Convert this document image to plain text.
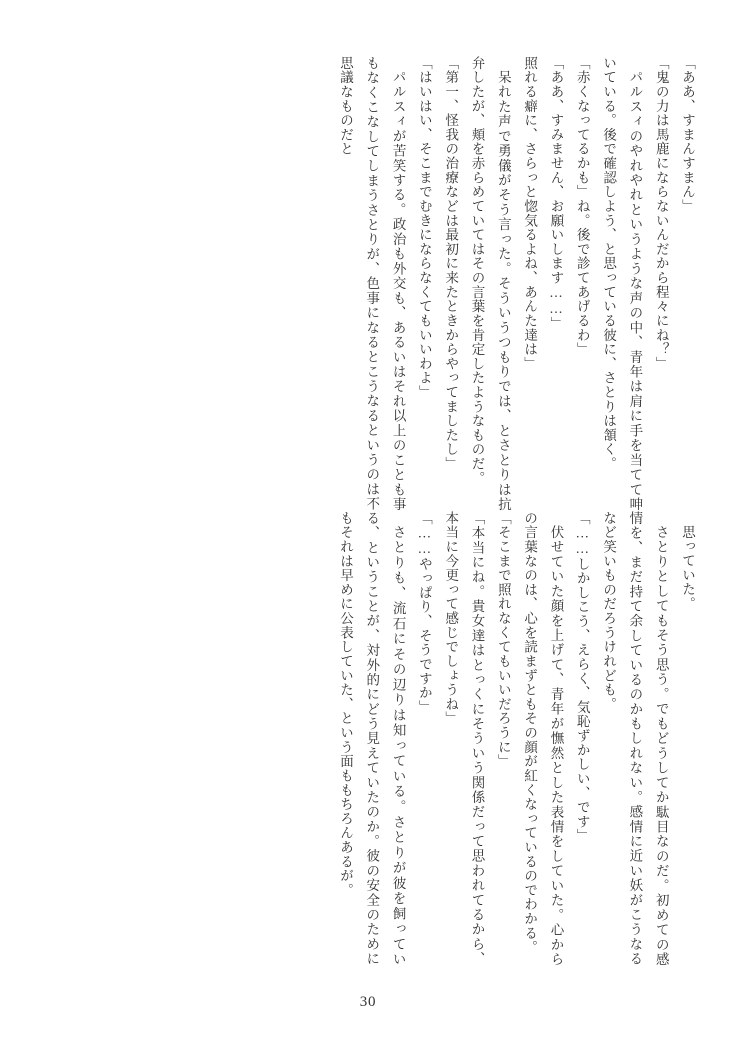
「ああ、すまんすまん」

「鬼の力は馬鹿にならないんだから程々にね？」

パルスィのやれやれというような声の中、青年は肩に手を当てて呻いている。後で確認しよう、と思っている彼に、さとりは頷く。

「赤くなってるかも」ね。後で診てあげるわ」

「ああ、すみません、お願いします……」

照れる癖に、さらっと惚気るよね、あんた達は」

呆れた声で勇儀がそう言った。そういうつもりでは、とさとりは抗弁したが、頬を赤らめていてはその言葉を肯定したようなものだ。

「第一、怪我の治療などは最初に来たときからやってましたし」

「はいはい、そこまでむきにならなくてもいいわよ」

パルスィが苦笑する。政治も外交も、あるいはそれ以上のことも事もなくこなしてしまうさとりが、色事になるとこうなるというのは不思議なものだと

思っていた。

さとりとしてもそう思う。でもどうしてか駄目なのだ。初めての感情を、まだ持て余しているのかもしれない。感情に近い妖がこうなるなど笑いものだろうけれども。

「……しかしこう、えらく、気恥ずかしい、です」

伏せていた顔を上げて、青年が憮然とした表情をしていた。心からの言葉なのは、心を読まずともその顔が紅くなっているのでわかる。

「そこまで照れなくてもいいだろうに」

「本当にね。貴女達はとっくにそういう関係だって思われてるから、本当に今更って感じでしょうね」

「……やっぱり、そうですか」

さとりも、流石にその辺りは知っている。さとりが彼を飼っている、ということが、対外的にどう見えていたのか。彼の安全のためにもそれは早めに公表していた、という面ももちろんあるが。

30
